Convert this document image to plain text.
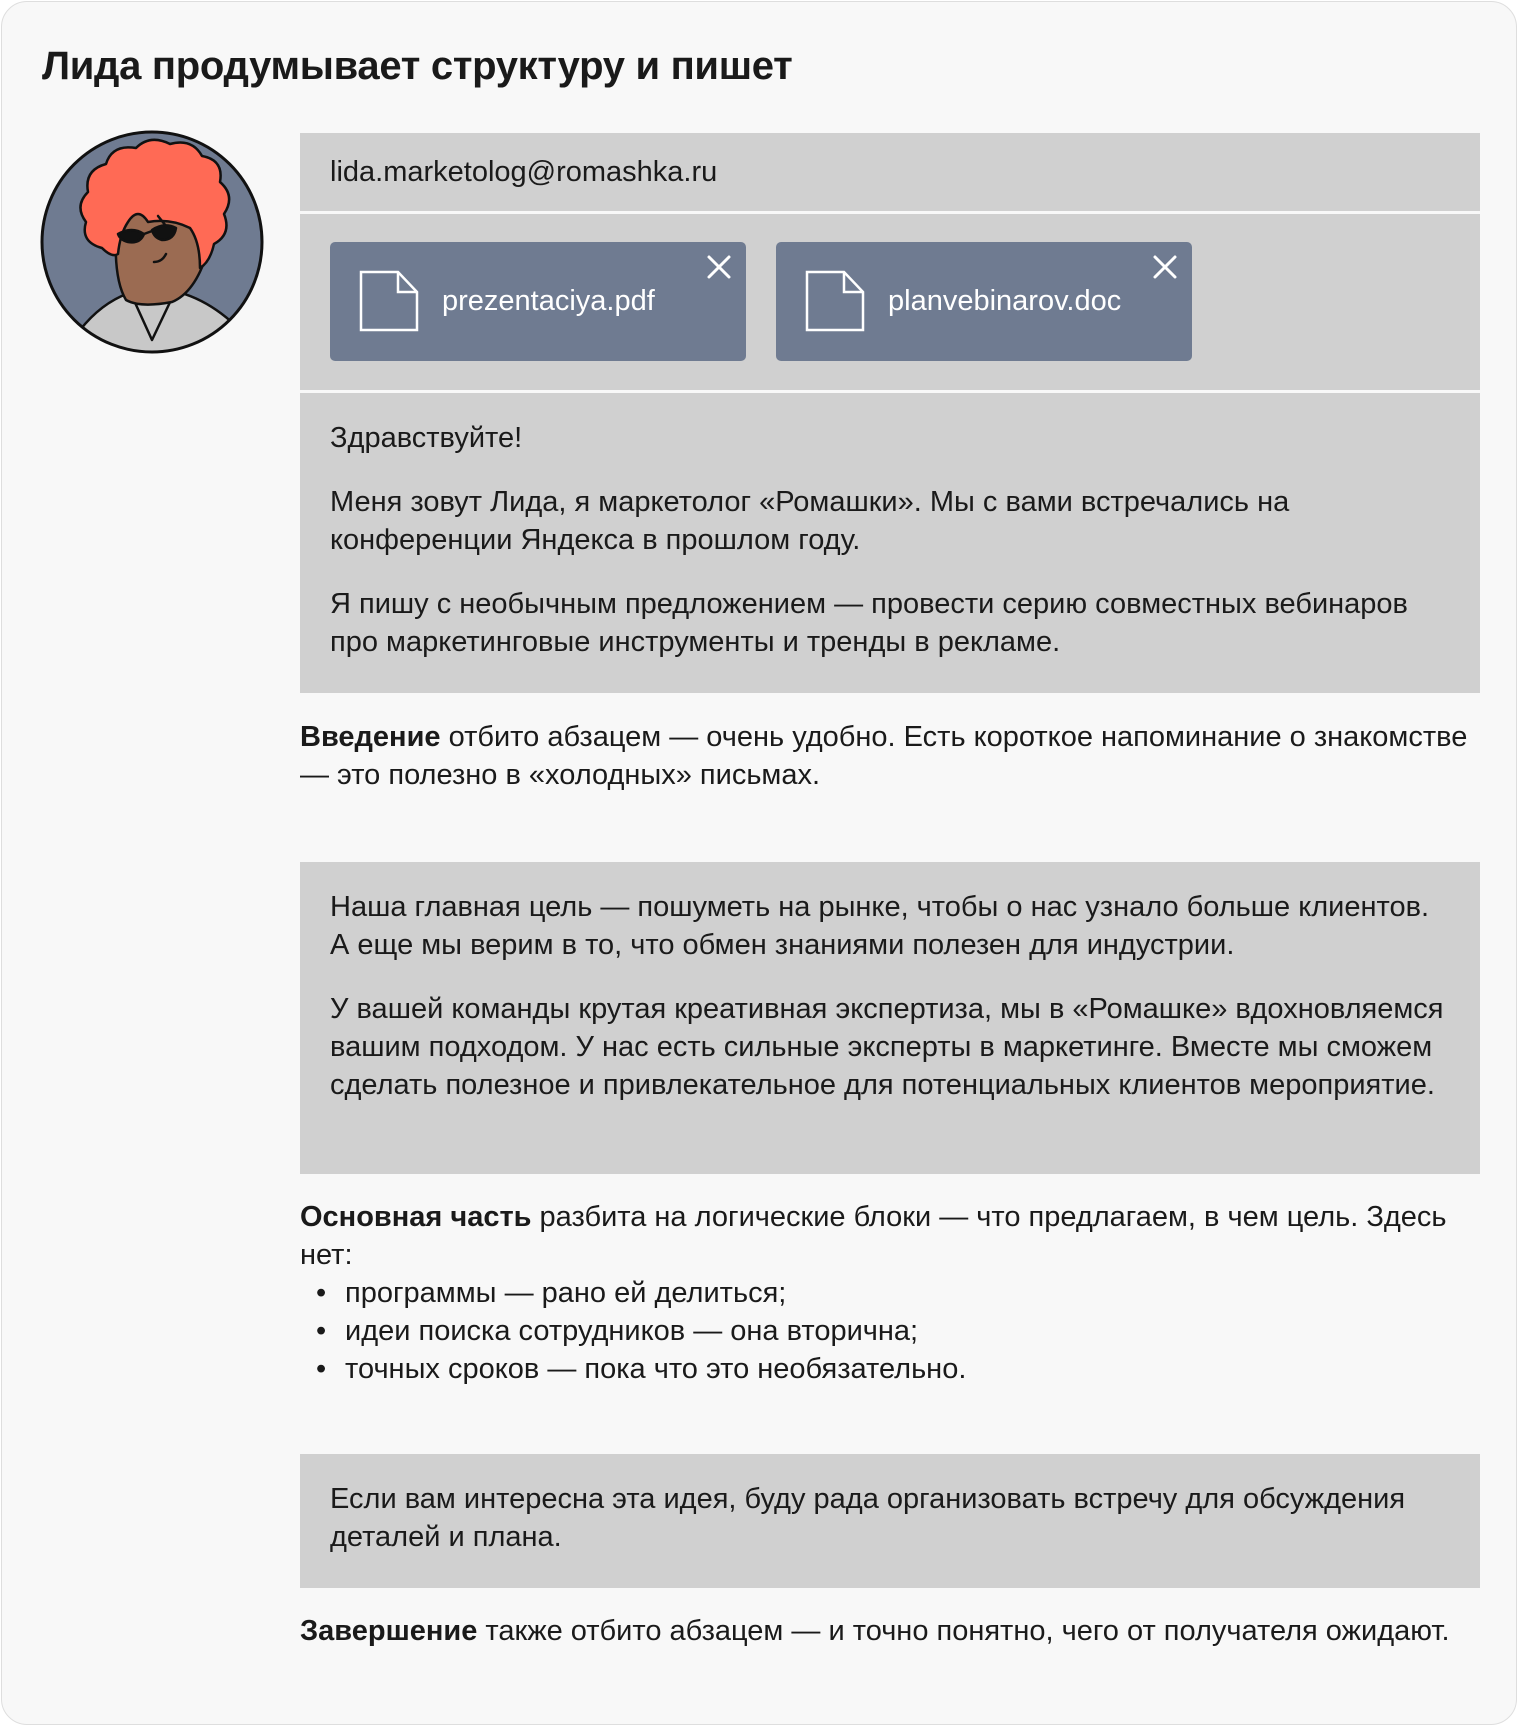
Лида продумывает структуру и пишет
lida.marketolog@romashka.ru
prezentaciya.pdf	planvebinarov.doc

Здравствуйте!

Меня зовут Лида, я маркетолог «Ромашки». Мы с вами встречались на конференции Яндекса в прошлом году.

Я пишу с необычным предложением — провести серию совместных вебинаров про маркетинговые инструменты и тренды в рекламе.

Введение отбито абзацем — очень удобно. Есть короткое напоминание о знакомстве — это полезно в «холодных» письмах.

Наша главная цель — пошуметь на рынке, чтобы о нас узнало больше клиентов. А еще мы верим в то, что обмен знаниями полезен для индустрии.

У вашей команды крутая креативная экспертиза, мы в «Ромашке» вдохновляемся вашим подходом. У нас есть сильные эксперты в маркетинге. Вместе мы сможем сделать полезное и привлекательное для потенциальных клиентов мероприятие.

Основная часть разбита на логические блоки — что предлагаем, в чем цель. Здесь нет:
• программы — рано ей делиться;
• идеи поиска сотрудников — она вторична;
• точных сроков — пока что это необязательно.

Если вам интересна эта идея, буду рада организовать встречу для обсуждения деталей и плана.

Завершение также отбито абзацем — и точно понятно, чего от получателя ожидают.
